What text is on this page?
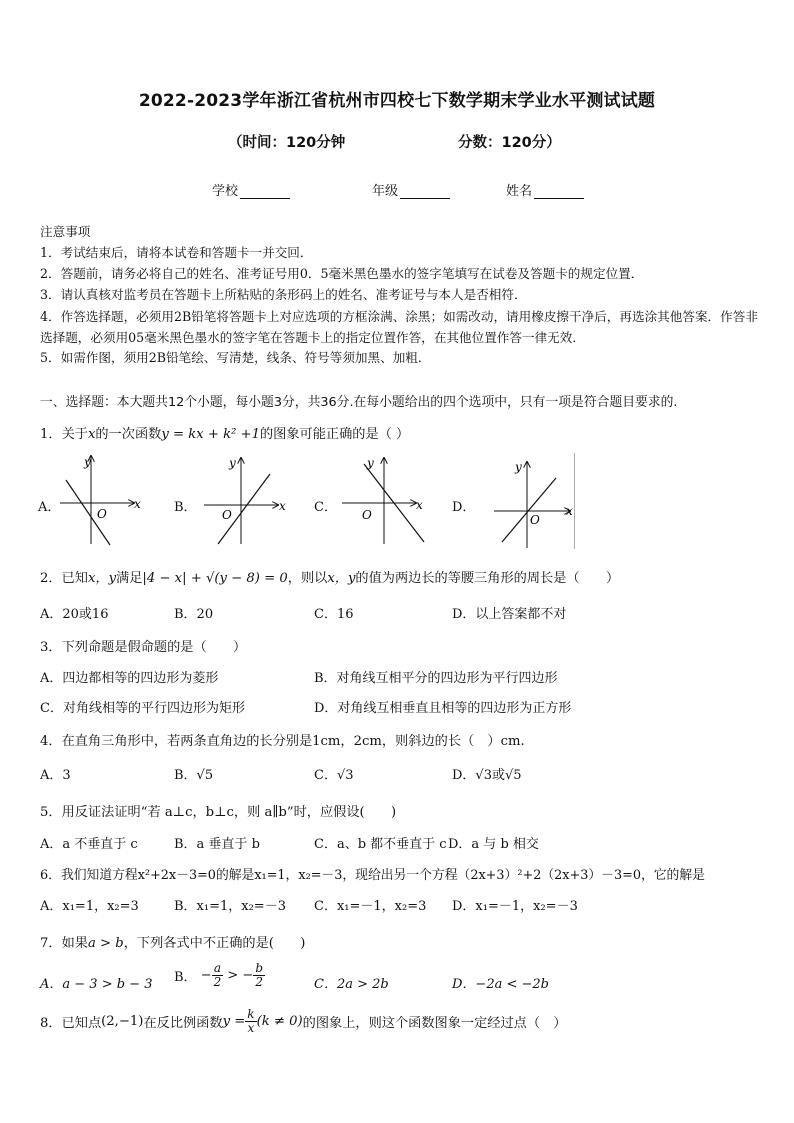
2022-2023学年浙江省杭州市四校七下数学期末学业水平测试试题
（时间：120分钟	分数：120分）
学校	年级	姓名
注意事项
1．考试结束后，请将本试卷和答题卡一并交回．
2．答题前，请务必将自己的姓名、准考证号用0．5毫米黑色墨水的签字笔填写在试卷及答题卡的规定位置．
3．请认真核对监考员在答题卡上所粘贴的条形码上的姓名、准考证号与本人是否相符．
4．作答选择题，必须用2B铅笔将答题卡上对应选项的方框涂满、涂黑；如需改动，请用橡皮擦干净后，再选涂其他答案．作答非选择题，必须用05毫米黑色墨水的签字笔在答题卡上的指定位置作答，在其他位置作答一律无效．
5．如需作图，须用2B铅笔绘、写清楚，线条、符号等须加黑、加粗．
一、选择题：本大题共12个小题，每小题3分，共36分.在每小题给出的四个选项中，只有一项是符合题目要求的.
1．关于x的一次函数y = kx + k² +1的图象可能正确的是（ ）
A．
y
x
O	B．
y
x
O	C．
y
x
O	D．
y
x
O
2．已知x，y满足|4 − x| + √(y − 8) = 0，则以x，y的值为两边长的等腰三角形的周长是（　　）
A．20或16	B．20	C．16	D．以上答案都不对
3．下列命题是假命题的是（　　）
A．四边都相等的四边形为菱形	B．对角线互相平分的四边形为平行四边形
C．对角线相等的平行四边形为矩形	D．对角线互相垂直且相等的四边形为正方形
4．在直角三角形中，若两条直角边的长分别是1cm，2cm，则斜边的长（　）cm.
A．3	B．√5	C．√3	D．√3或√5
5．用反证法证明“若 a⊥c，b⊥c，则 a∥b”时，应假设(　　)
A．a 不垂直于 c	B．a 垂直于 b	C．a、b 都不垂直于 c D．a 与 b 相交
6．我们知道方程x²+2x－3=0的解是x₁=1，x₂=－3，现给出另一个方程（2x+3）²+2（2x+3）－3=0，它的解是
A．x₁=1，x₂=3	B．x₁=1，x₂=－3 C．x₁=－1，x₂=3 D．x₁=－1，x₂=－3
7．如果a > b，下列各式中不正确的是(　　)
A．a − 3 > b − 3 B． − $\frac{a}{2}$ > − $\frac{b}{2}$	C．2a > 2b	D．−2a < −2b
8．已知点(2,−1)在反比例函数$y = \frac{k}{x} (k \ne 0)$的图象上，则这个函数图象一定经过点（　）
